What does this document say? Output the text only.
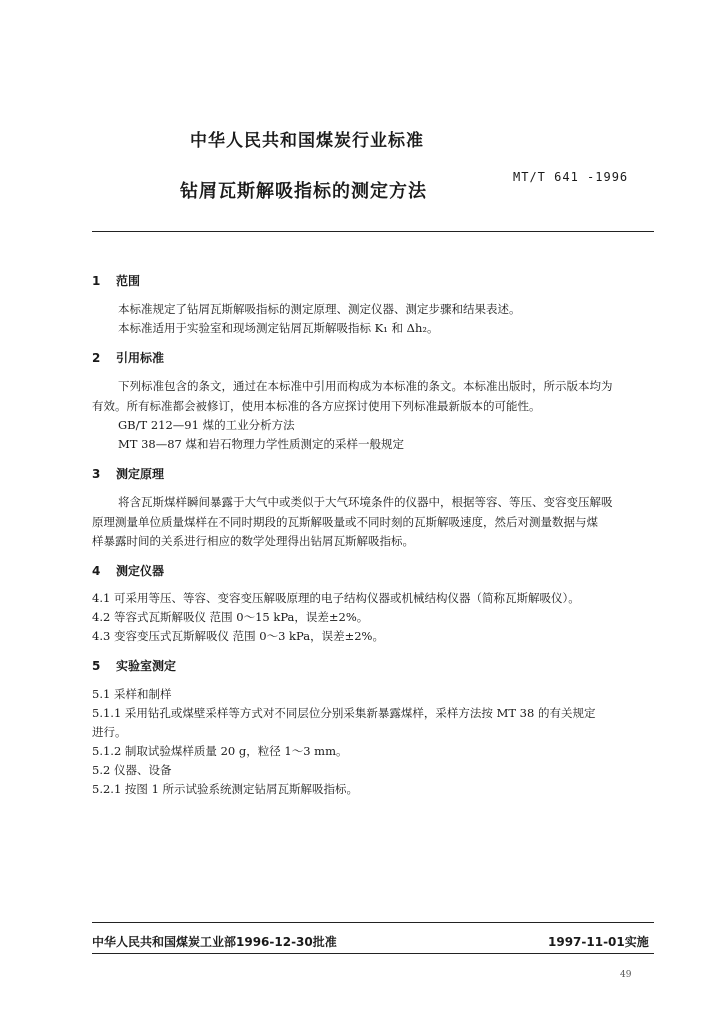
中华人民共和国煤炭行业标准
MT/T 641 -1996
钻屑瓦斯解吸指标的测定方法
1 范围
本标准规定了钻屑瓦斯解吸指标的测定原理、测定仪器、测定步骤和结果表述。
本标准适用于实验室和现场测定钻屑瓦斯解吸指标 K₁ 和 Δh₂。
2 引用标准
下列标准包含的条文，通过在本标准中引用而构成为本标准的条文。本标准出版时，所示版本均为
有效。所有标准都会被修订，使用本标准的各方应探讨使用下列标准最新版本的可能性。
GB/T 212—91 煤的工业分析方法
MT 38—87 煤和岩石物理力学性质测定的采样一般规定
3 测定原理
将含瓦斯煤样瞬间暴露于大气中或类似于大气环境条件的仪器中，根据等容、等压、变容变压解吸
原理测量单位质量煤样在不同时期段的瓦斯解吸量或不同时刻的瓦斯解吸速度，然后对测量数据与煤
样暴露时间的关系进行相应的数学处理得出钻屑瓦斯解吸指标。
4 测定仪器
4.1 可采用等压、等容、变容变压解吸原理的电子结构仪器或机械结构仪器（简称瓦斯解吸仪）。
4.2 等容式瓦斯解吸仪 范围 0～15 kPa，误差±2%。
4.3 变容变压式瓦斯解吸仪 范围 0～3 kPa，误差±2%。
5 实验室测定
5.1 采样和制样
5.1.1 采用钻孔或煤壁采样等方式对不同层位分别采集新暴露煤样，采样方法按 MT 38 的有关规定
进行。
5.1.2 制取试验煤样质量 20 g，粒径 1～3 mm。
5.2 仪器、设备
5.2.1 按图 1 所示试验系统测定钻屑瓦斯解吸指标。
中华人民共和国煤炭工业部1996-12-30批准	1997-11-01实施
49
